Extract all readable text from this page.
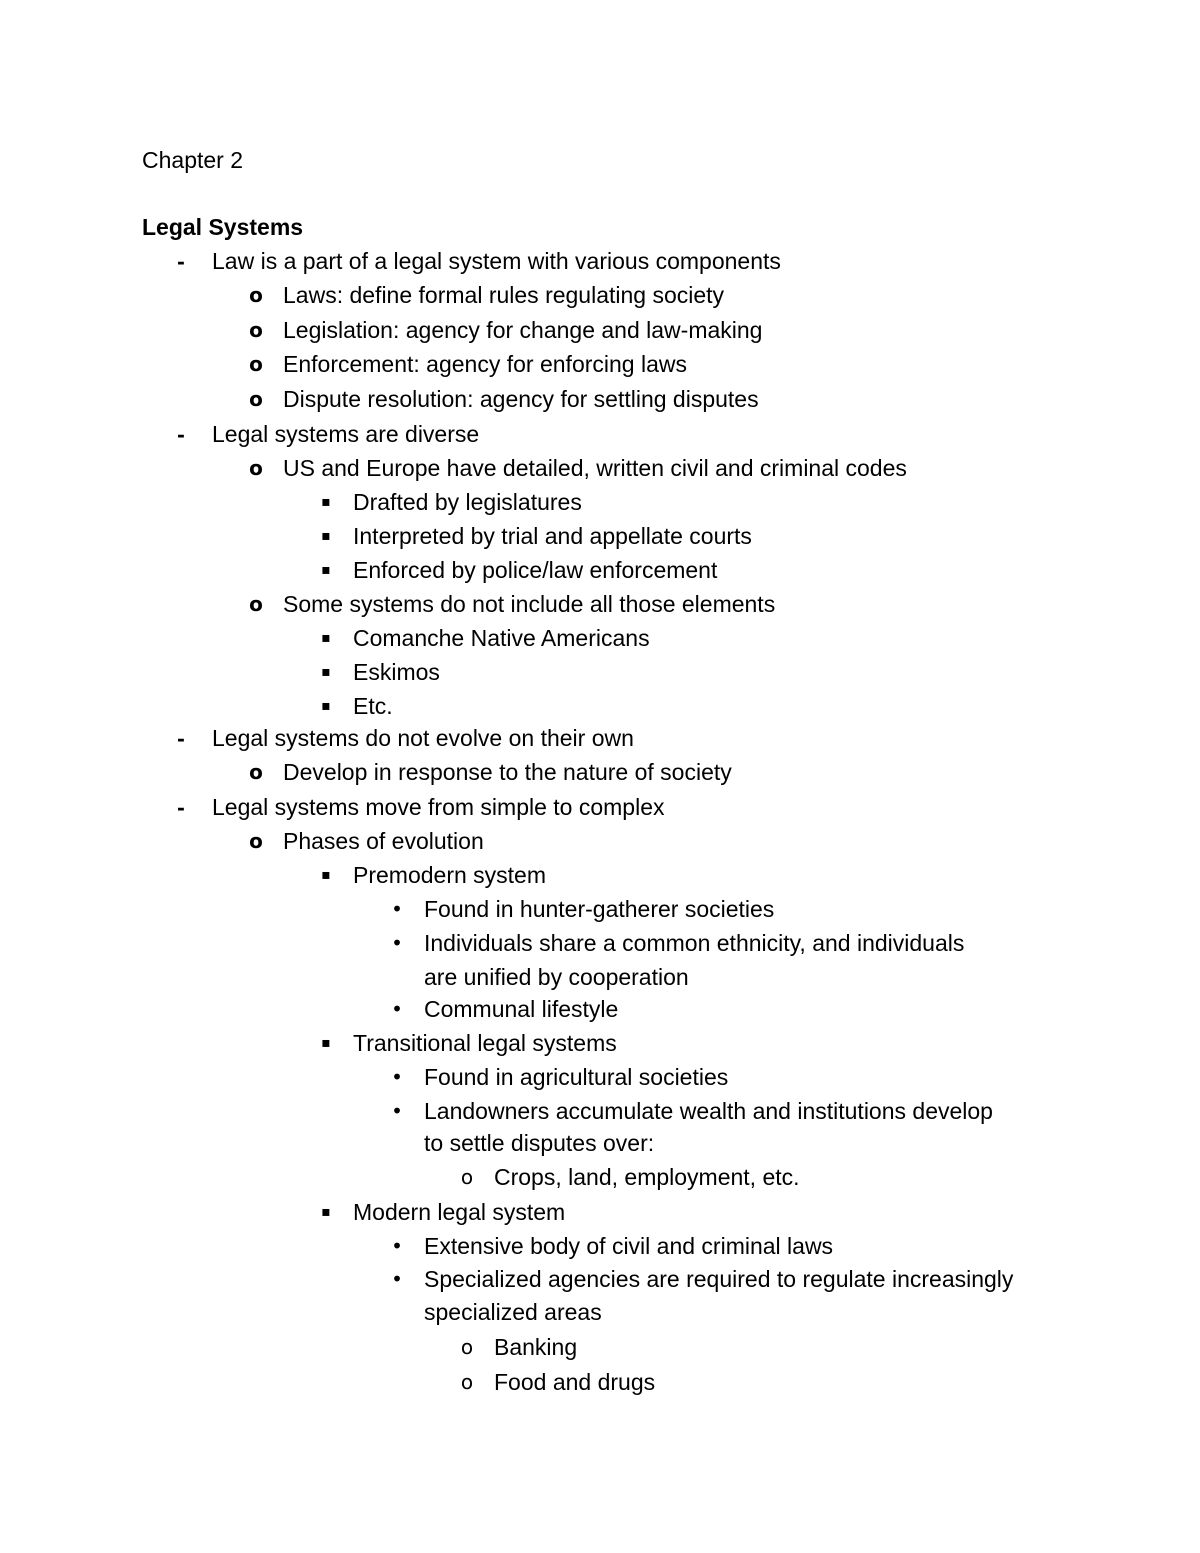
Chapter 2
Legal Systems
-	Law is a part of a legal system with various components
o Laws: define formal rules regulating society
o Legislation: agency for change and law-making
o Enforcement: agency for enforcing laws
o Dispute resolution: agency for settling disputes
-	Legal systems are diverse
o US and Europe have detailed, written civil and criminal codes
▪ Drafted by legislatures
▪ Interpreted by trial and appellate courts
▪ Enforced by police/law enforcement
o Some systems do not include all those elements
▪ Comanche Native Americans
▪ Eskimos
▪ Etc.
-	Legal systems do not evolve on their own
o Develop in response to the nature of society
-	Legal systems move from simple to complex
o Phases of evolution
▪ Premodern system
• Found in hunter-gatherer societies
• Individuals share a common ethnicity, and individuals
are unified by cooperation
• Communal lifestyle
▪ Transitional legal systems
• Found in agricultural societies
• Landowners accumulate wealth and institutions develop
to settle disputes over:
o Crops, land, employment, etc.
▪ Modern legal system
• Extensive body of civil and criminal laws
• Specialized agencies are required to regulate increasingly
specialized areas
o Banking
o Food and drugs
